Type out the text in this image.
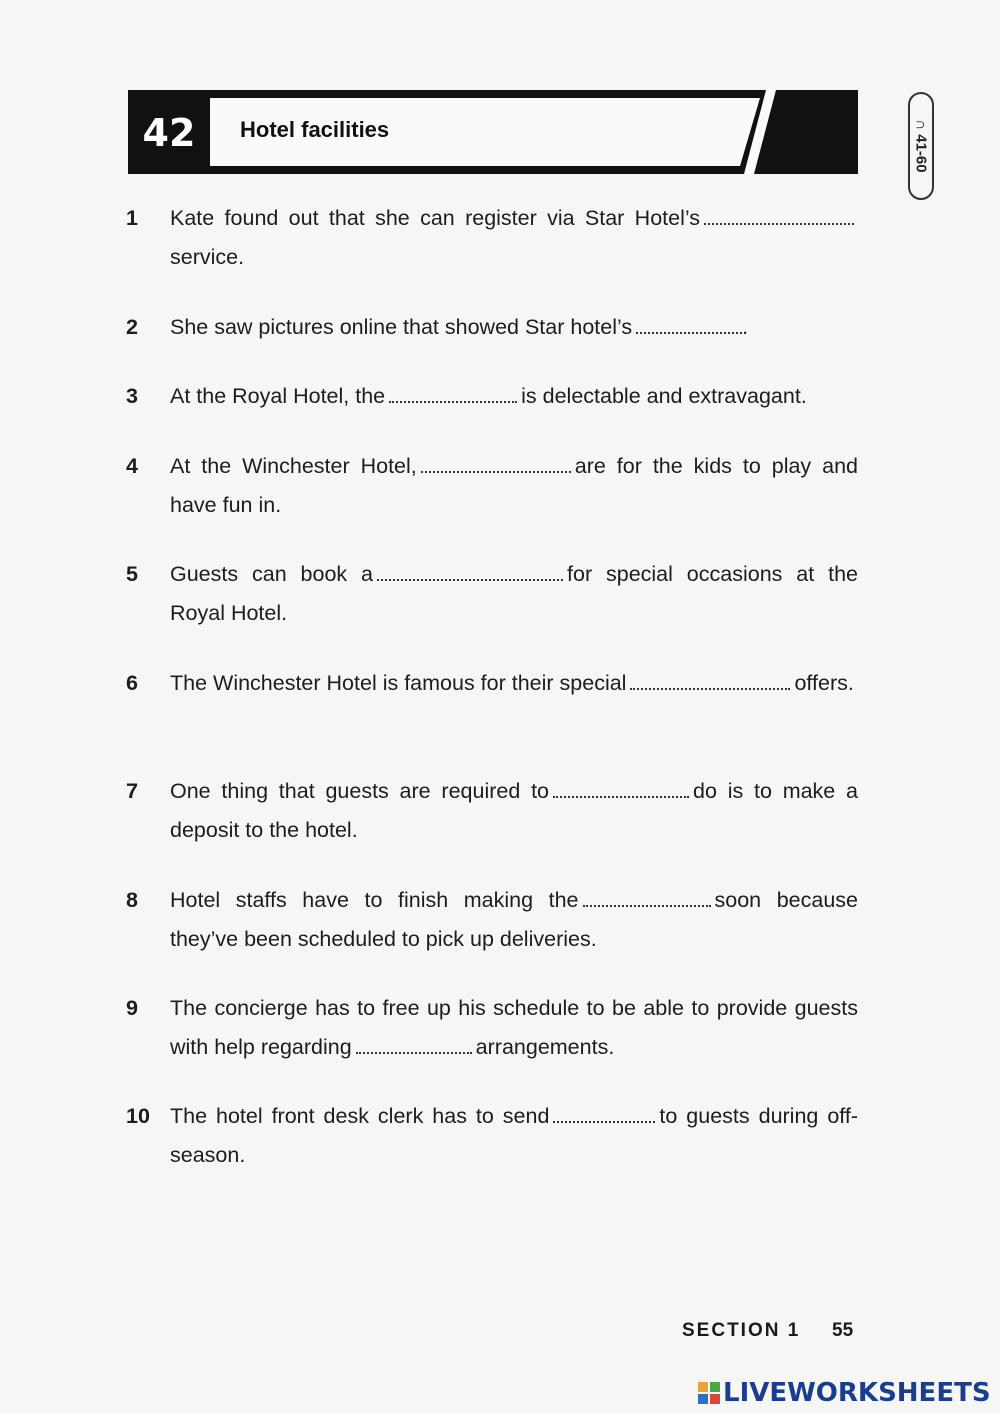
42	Hotel facilities	∩41-60
1	Kate found out that she can register via Star Hotel’sservice.
2	She saw pictures online that showed Star hotel’s	.
3	At the Royal Hotel, the	is delectable and extravagant.
4	At the Winchester Hotel,	are for the kids to play and have fun in.
5	Guests can book a	for special occasions at the Royal Hotel.
6	The Winchester Hotel is famous for their special	offers.
7	One thing that guests are required to	do is to make a deposit to the hotel.
8	Hotel staffs have to finish making the	soon because they’ve been scheduled to pick up deliveries.
9	The concierge has to free up his schedule to be able to provide guests with help regarding	arrangements.
10 The hotel front desk clerk has to send	to guests during off-season.
SECTION 1 55
LIVEWORKSHEETS
